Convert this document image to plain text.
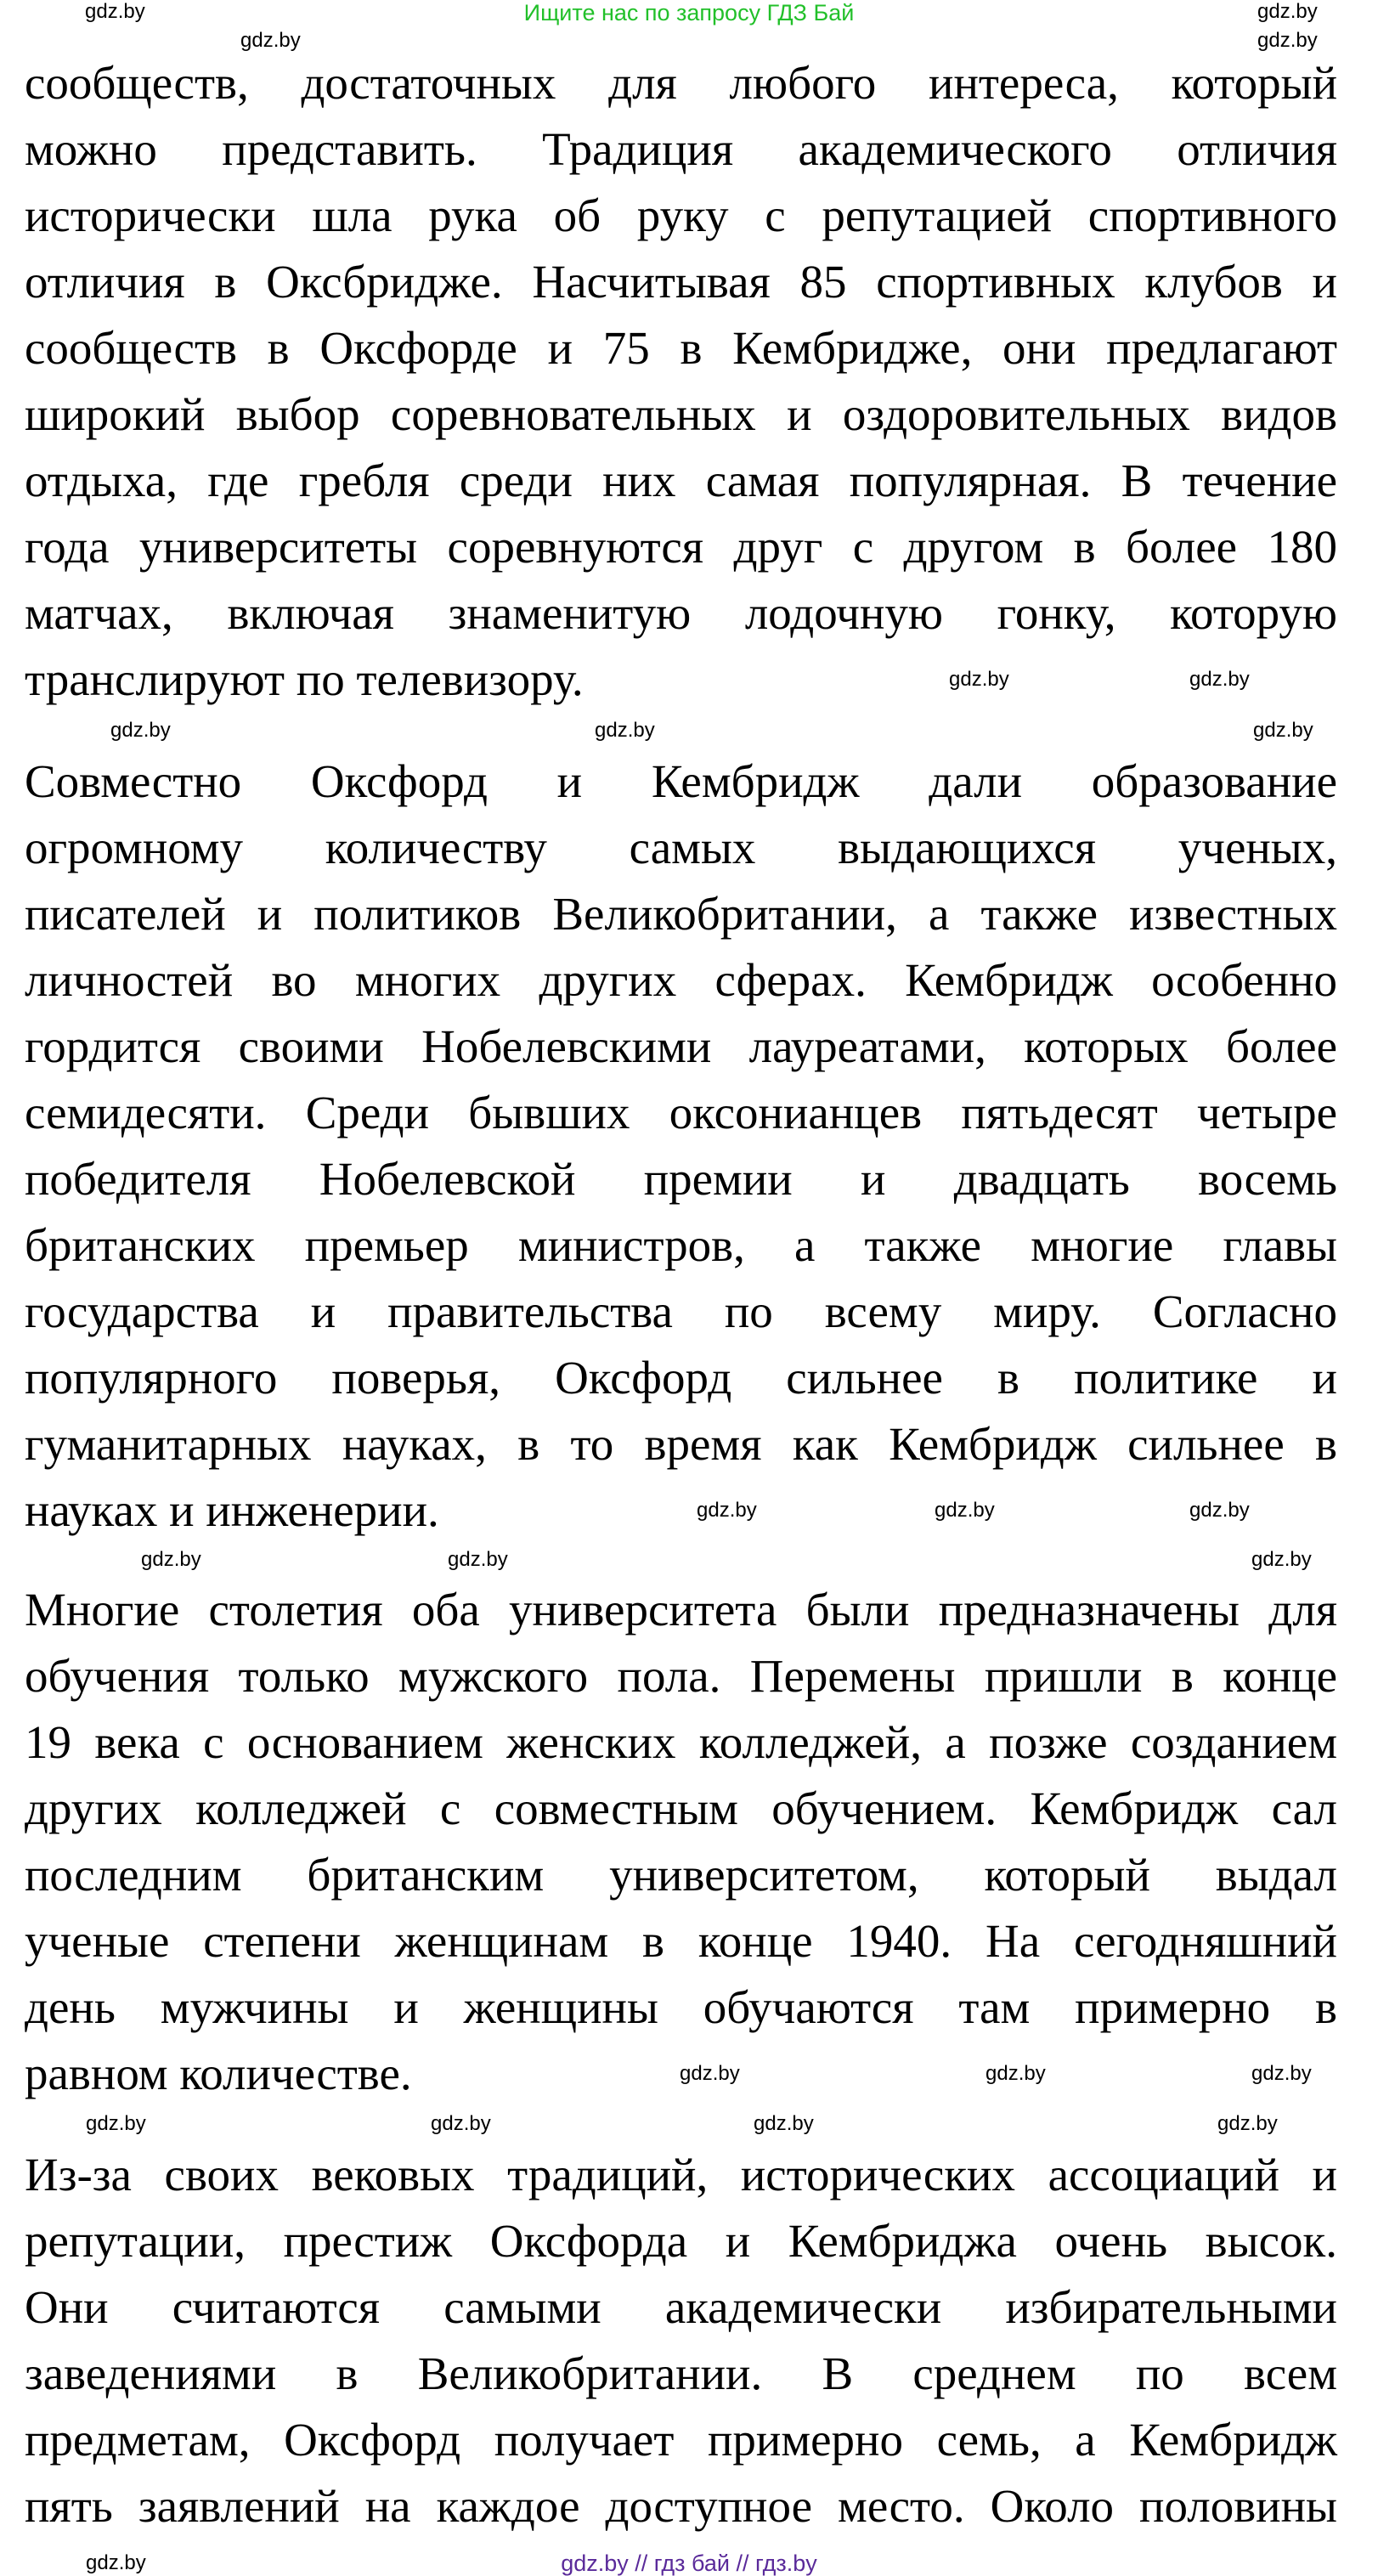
Ищите нас по запросу ГДЗ Бай
сообществ, достаточных для любого интереса, который
можно представить. Традиция академического отличия
исторически шла рука об руку с репутацией спортивного
отличия в Оксбридже. Насчитывая 85 спортивных клубов и
сообществ в Оксфорде и 75 в Кембридже, они предлагают
широкий выбор соревновательных и оздоровительных видов
отдыха, где гребля среди них самая популярная. В течение
года университеты соревнуются друг с другом в более 180
матчах, включая знаменитую лодочную гонку, которую
транслируют по телевизору.
Совместно Оксфорд и Кембридж дали образование
огромному количеству самых выдающихся ученых,
писателей и политиков Великобритании, а также известных
личностей во многих других сферах. Кембридж особенно
гордится своими Нобелевскими лауреатами, которых более
семидесяти. Среди бывших оксонианцев пятьдесят четыре
победителя Нобелевской премии и двадцать восемь
британских премьер министров, а также многие главы
государства и правительства по всему миру. Согласно
популярного поверья, Оксфорд сильнее в политике и
гуманитарных науках, в то время как Кембридж сильнее в
науках и инженерии.
Многие столетия оба университета были предназначены для
обучения только мужского пола. Перемены пришли в конце
19 века с основанием женских колледжей, а позже созданием
других колледжей с совместным обучением. Кембридж сал
последним британским университетом, который выдал
ученые степени женщинам в конце 1940. На сегодняшний
день мужчины и женщины обучаются там примерно в
равном количестве.
Из-за своих вековых традиций, исторических ассоциаций и
репутации, престиж Оксфорда и Кембриджа очень высок.
Они считаются самыми академически избирательными
заведениями в Великобритании. В среднем по всем
предметам, Оксфорд получает примерно семь, а Кембридж
пять заявлений на каждое доступное место. Около половины
gdz.by	gdz.by
gdz.by	gdz.by
gdz.by	gdz.by
gdz.by	gdz.by	gdz.by
gdz.by	gdz.by	gdz.by
gdz.by	gdz.by	gdz.by
gdz.by	gdz.by	gdz.by
gdz.by	gdz.by	gdz.by	gdz.by
gdz.by	gdz.by // гдз бай // гдз.by
